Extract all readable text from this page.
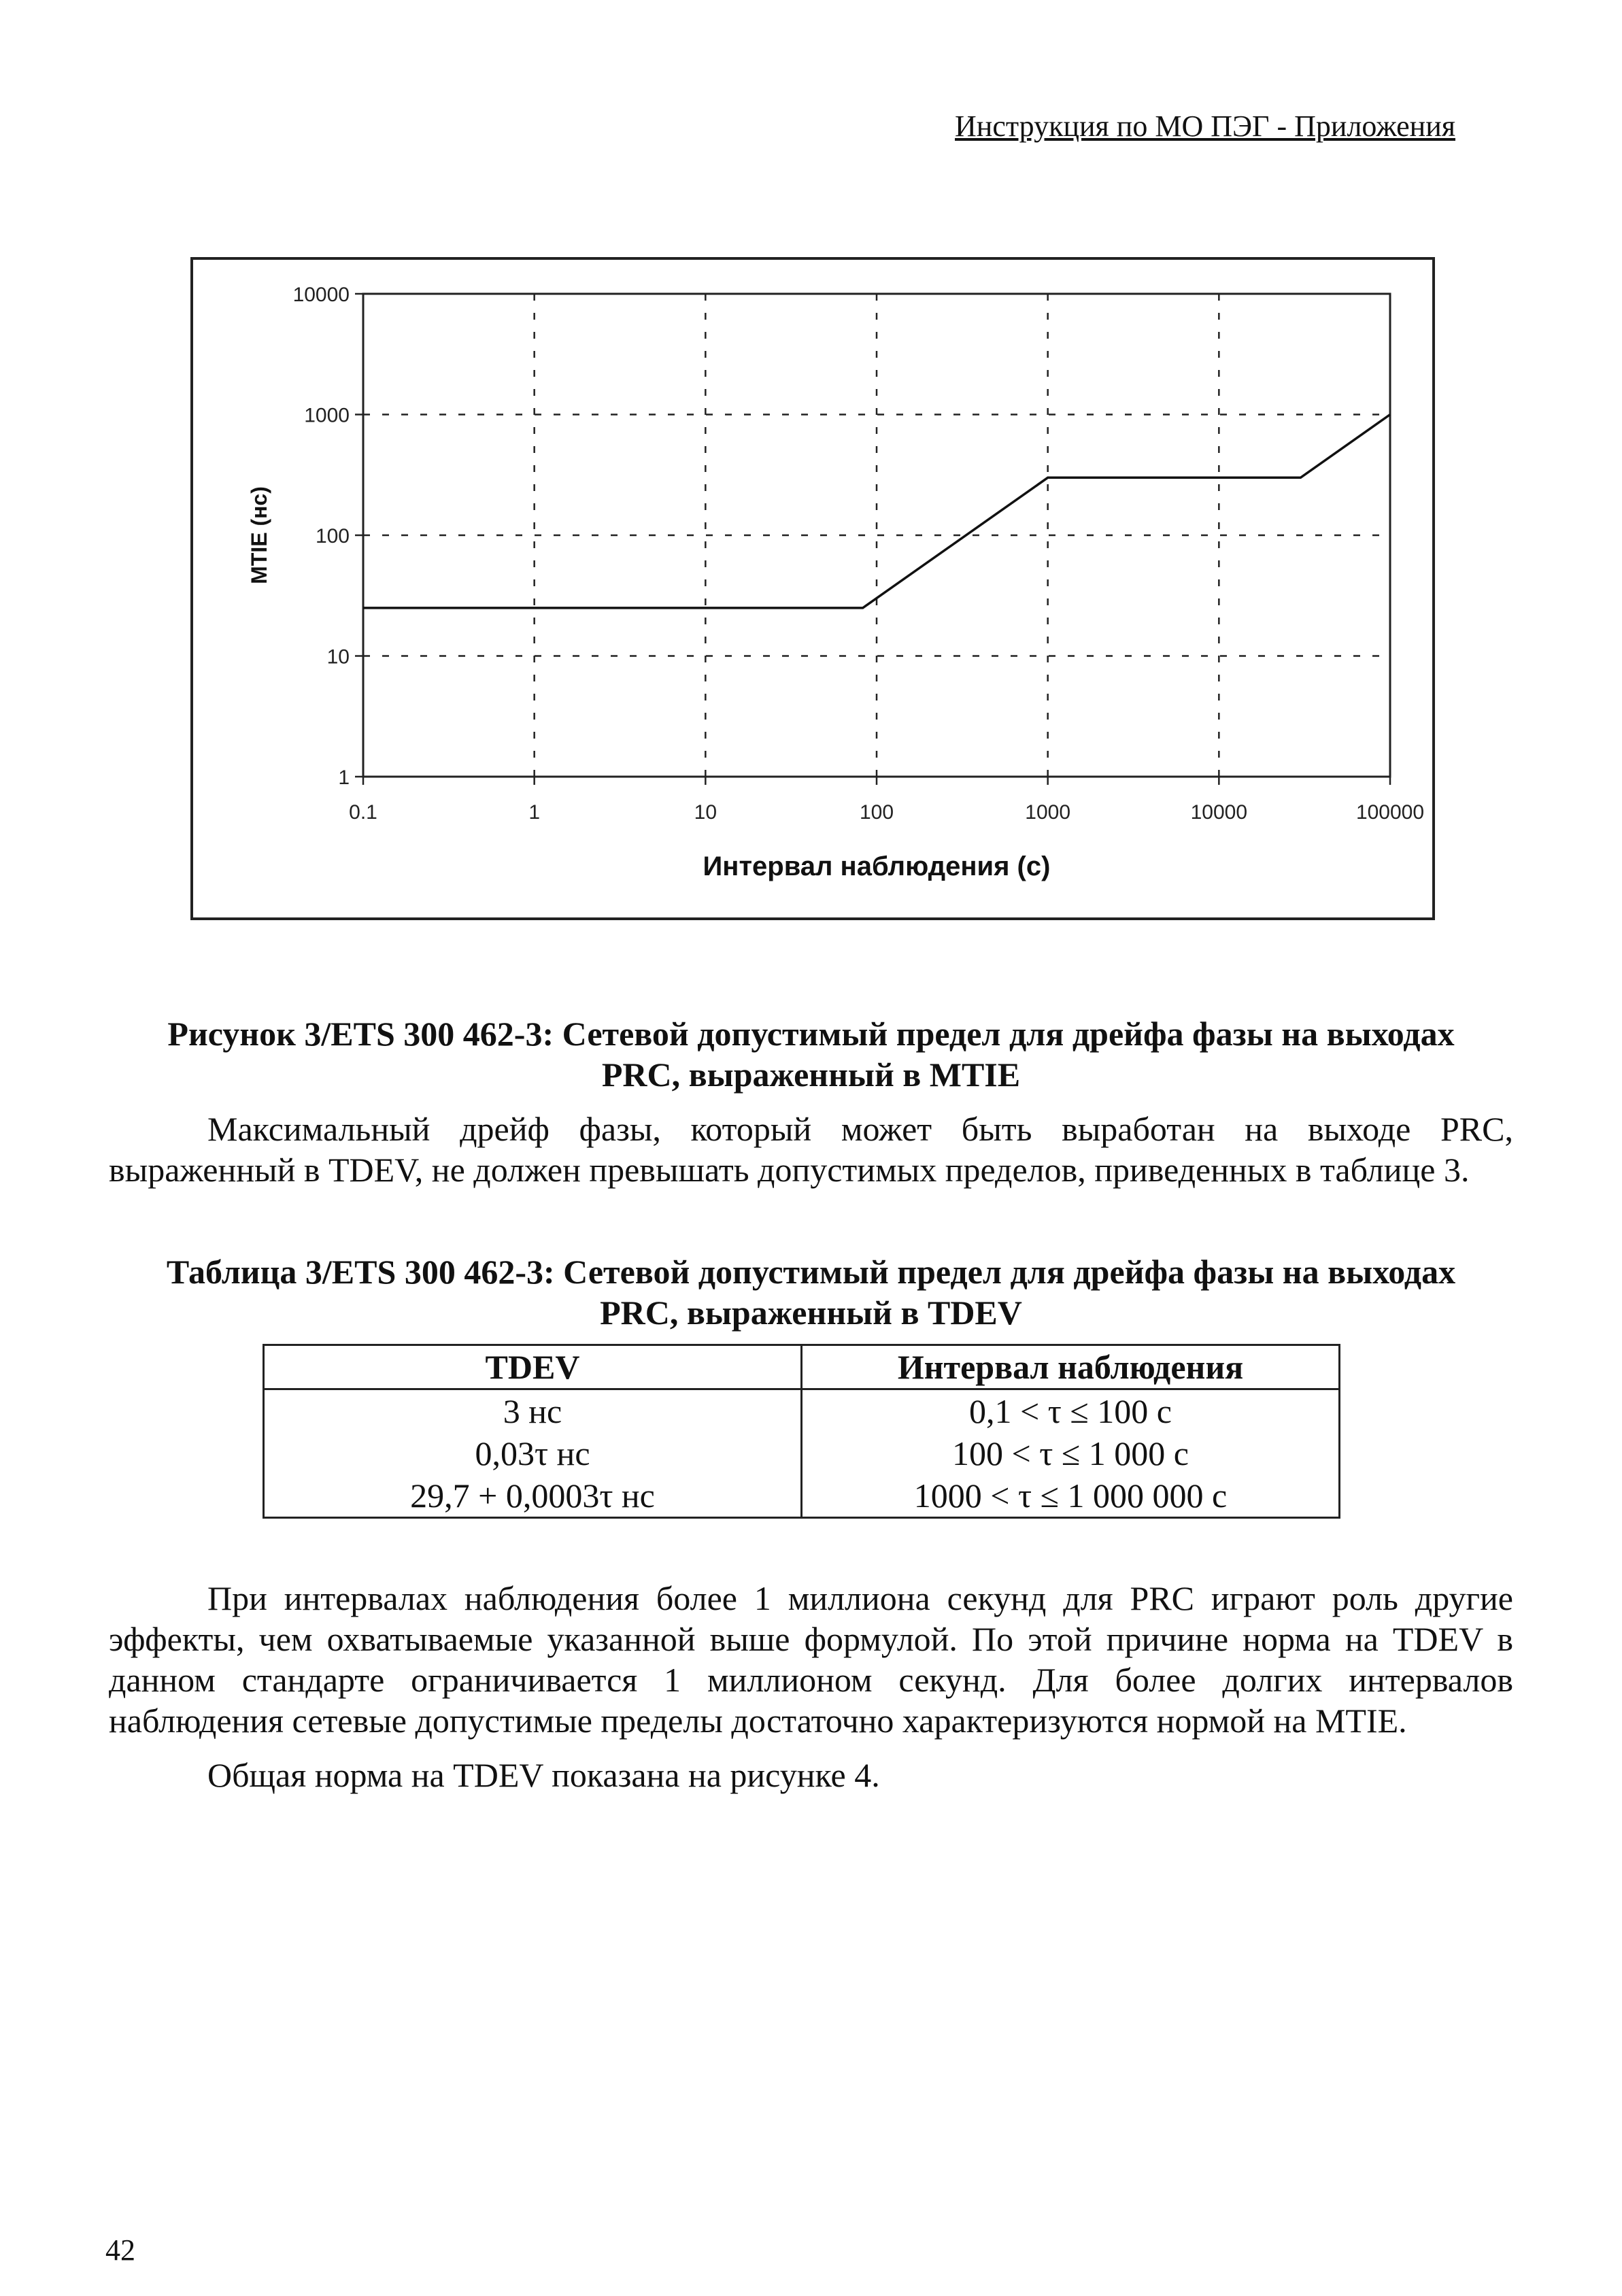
Инструкция по МО ПЭГ - Приложения
0.1	1	10	100	1000	10000	100000
1
10
100
1000
10000
Интервал наблюдения (с)
MTIE (нс)
Рисунок 3/ETS 300 462-3: Сетевой допустимый предел для дрейфа фазы на выходах
PRC, выраженный в MTIE
Максимальный дрейф фазы, который может быть выработан на выходе PRC, выраженный в TDEV, не должен превышать допустимых пределов, приведенных в таблице 3.
Таблица 3/ETS 300 462-3: Сетевой допустимый предел для дрейфа фазы на выходах
PRC, выраженный в TDEV
TDEV	Интервал наблюдения
3 нс	0,1 < τ ≤ 100 с
0,03τ нс	100 < τ ≤ 1 000 с
29,7 + 0,0003τ нс	1000 < τ ≤ 1 000 000 с
При интервалах наблюдения более 1 миллиона секунд для PRC играют роль другие эффекты, чем охватываемые указанной выше формулой. По этой причине норма на TDEV в данном стандарте ограничивается 1 миллионом секунд. Для более долгих интервалов наблюдения сетевые допустимые пределы достаточно характеризуются нормой на MTIE.
Общая норма на TDEV показана на рисунке 4.
42
